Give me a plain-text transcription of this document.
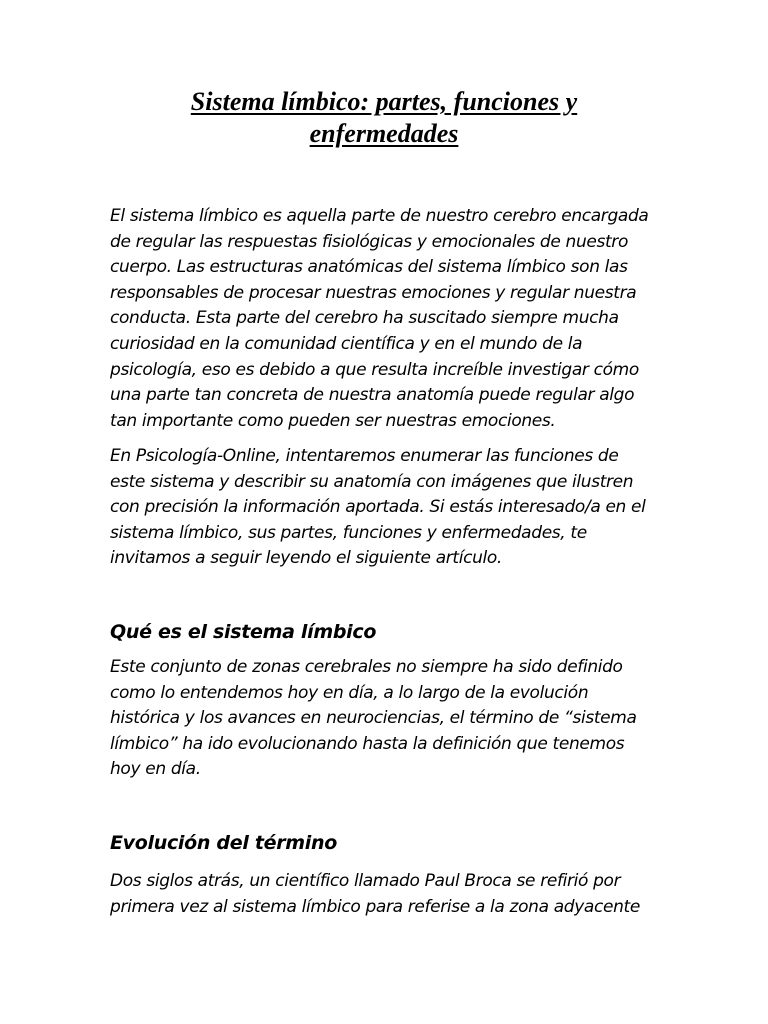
Sistema límbico: partes, funciones y
enfermedades

El sistema límbico es aquella parte de nuestro cerebro encargada
de regular las respuestas fisiológicas y emocionales de nuestro
cuerpo. Las estructuras anatómicas del sistema límbico son las
responsables de procesar nuestras emociones y regular nuestra
conducta. Esta parte del cerebro ha suscitado siempre mucha
curiosidad en la comunidad científica y en el mundo de la
psicología, eso es debido a que resulta increíble investigar cómo
una parte tan concreta de nuestra anatomía puede regular algo
tan importante como pueden ser nuestras emociones.

En Psicología-Online, intentaremos enumerar las funciones de
este sistema y describir su anatomía con imágenes que ilustren
con precisión la información aportada. Si estás interesado/a en el
sistema límbico, sus partes, funciones y enfermedades, te
invitamos a seguir leyendo el siguiente artículo.

Qué es el sistema límbico

Este conjunto de zonas cerebrales no siempre ha sido definido
como lo entendemos hoy en día, a lo largo de la evolución
histórica y los avances en neurociencias, el término de “sistema
límbico” ha ido evolucionando hasta la definición que tenemos
hoy en día.

Evolución del término

Dos siglos atrás, un científico llamado Paul Broca se refirió por
primera vez al sistema límbico para referise a la zona adyacente
